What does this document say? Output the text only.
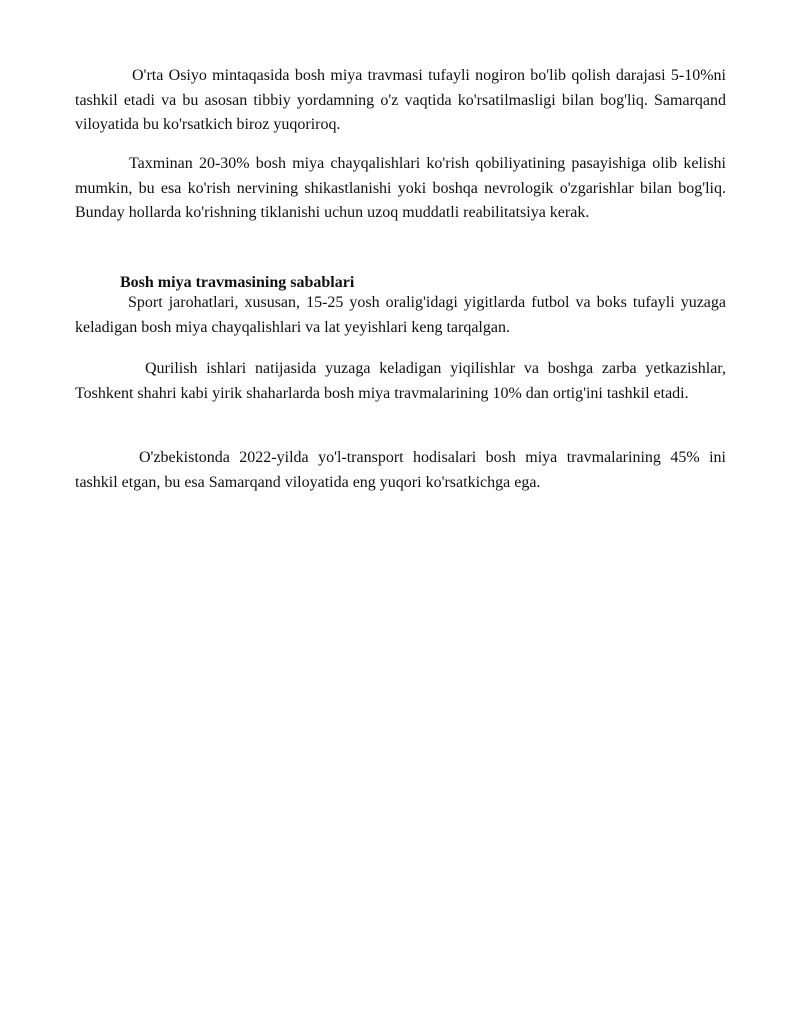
O'rta Osiyo mintaqasida bosh miya travmasi tufayli nogiron bo'lib qolish darajasi 5-10%ni tashkil etadi va bu asosan tibbiy yordamning o'z vaqtida ko'rsatilmasligi bilan bog'liq. Samarqand viloyatida bu ko'rsatkich biroz yuqoriroq.

Taxminan 20-30% bosh miya chayqalishlari ko'rish qobiliyatining pasayishiga olib kelishi mumkin, bu esa ko'rish nervining shikastlanishi yoki boshqa nevrologik o'zgarishlar bilan bog'liq. Bunday hollarda ko'rishning tiklanishi uchun uzoq muddatli reabilitatsiya kerak.

Bosh miya travmasining sabablari

Sport jarohatlari, xususan, 15-25 yosh oralig'idagi yigitlarda futbol va boks tufayli yuzaga keladigan bosh miya chayqalishlari va lat yeyishlari keng tarqalgan.

Qurilish ishlari natijasida yuzaga keladigan yiqilishlar va boshga zarba yetkazishlar, Toshkent shahri kabi yirik shaharlarda bosh miya travmalarining 10% dan ortig'ini tashkil etadi.

O'zbekistonda 2022-yilda yo'l-transport hodisalari bosh miya travmalarining 45% ini tashkil etgan, bu esa Samarqand viloyatida eng yuqori ko'rsatkichga ega.
